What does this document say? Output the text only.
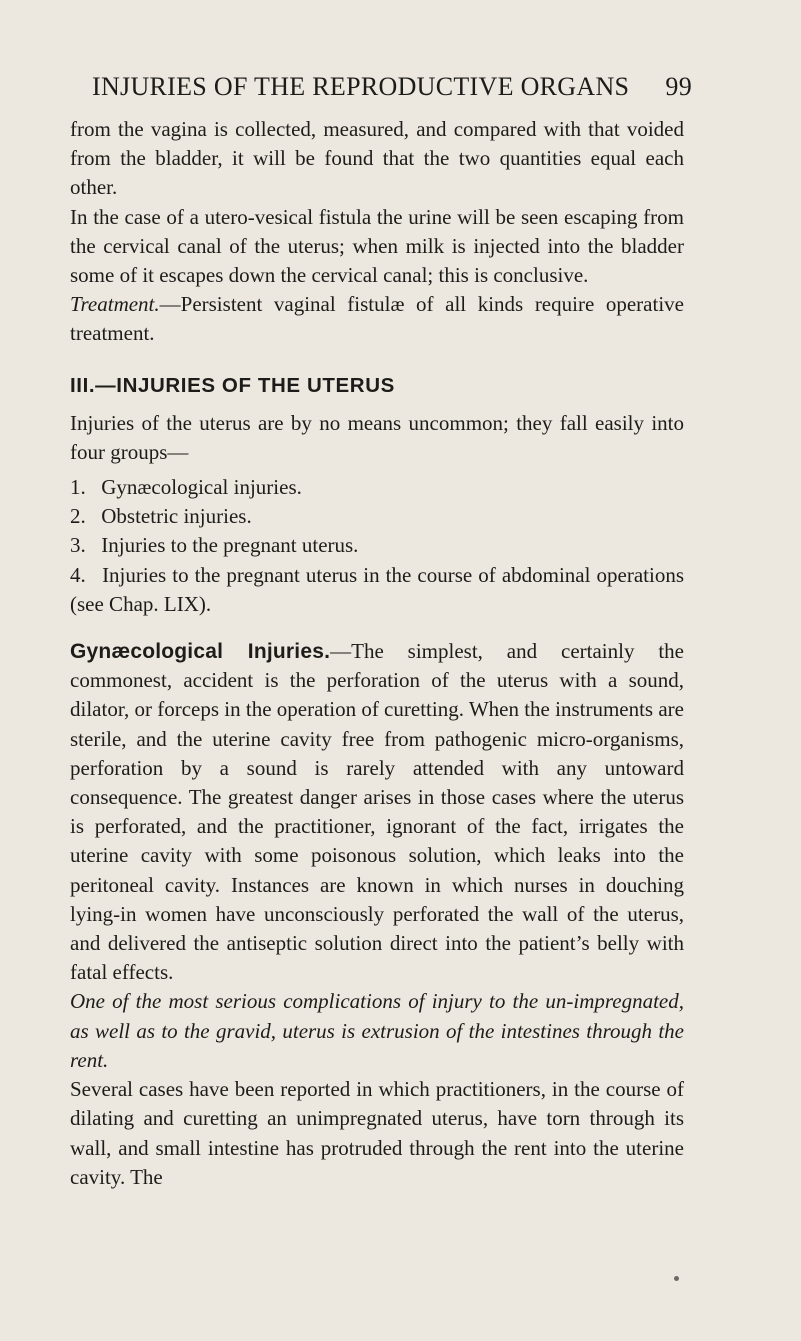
INJURIES OF THE REPRODUCTIVE ORGANS 99

from the vagina is collected, measured, and compared with that voided from the bladder, it will be found that the two quantities equal each other.

In the case of a utero-vesical fistula the urine will be seen escaping from the cervical canal of the uterus; when milk is injected into the bladder some of it escapes down the cervical canal; this is conclusive.

Treatment.—Persistent vaginal fistulæ of all kinds require operative treatment.

III.—INJURIES OF THE UTERUS

Injuries of the uterus are by no means uncommon; they fall easily into four groups—

1. Gynæcological injuries.
2. Obstetric injuries.
3. Injuries to the pregnant uterus.
4. Injuries to the pregnant uterus in the course of abdominal operations (see Chap. LIX).

Gynæcological Injuries.—The simplest, and certainly the commonest, accident is the perforation of the uterus with a sound, dilator, or forceps in the operation of curetting. When the instruments are sterile, and the uterine cavity free from pathogenic micro-organisms, perforation by a sound is rarely attended with any untoward consequence. The greatest danger arises in those cases where the uterus is perforated, and the practitioner, ignorant of the fact, irrigates the uterine cavity with some poisonous solution, which leaks into the peritoneal cavity. Instances are known in which nurses in douching lying-in women have unconsciously perforated the wall of the uterus, and delivered the antiseptic solution direct into the patient’s belly with fatal effects.

One of the most serious complications of injury to the un-impregnated, as well as to the gravid, uterus is extrusion of the intestines through the rent.

Several cases have been reported in which practitioners, in the course of dilating and curetting an unimpregnated uterus, have torn through its wall, and small intestine has protruded through the rent into the uterine cavity. The
